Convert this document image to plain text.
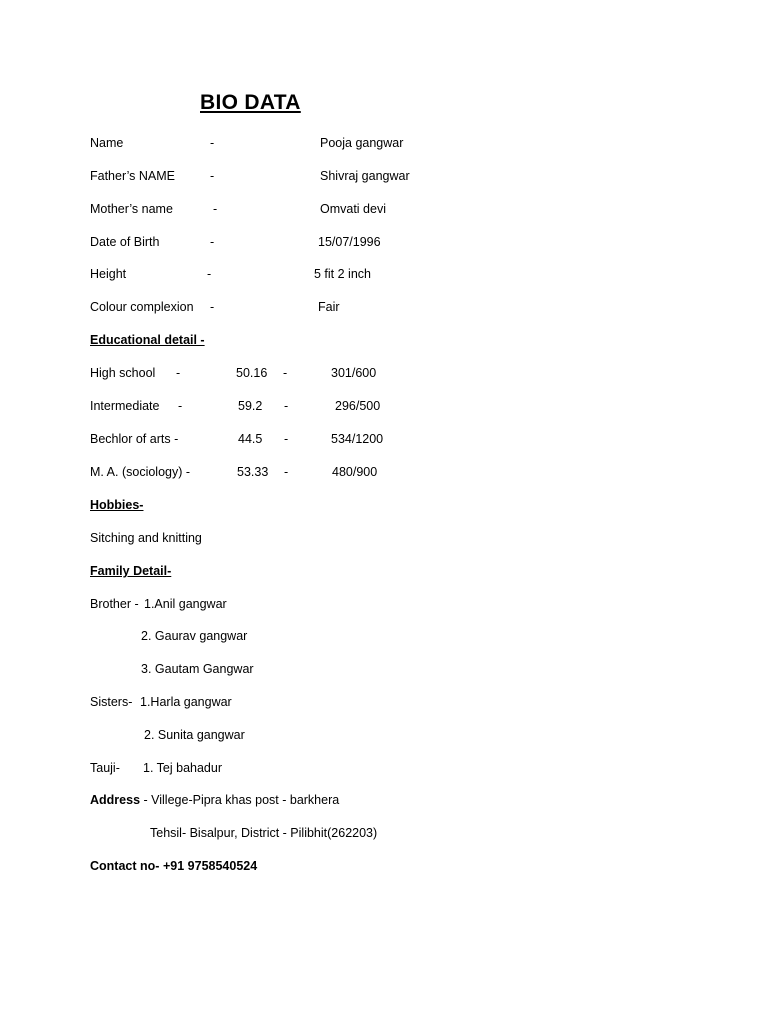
BIO DATA
Name	-	Pooja gangwar
Father’s NAME	-	Shivraj gangwar
Mother’s name	-	Omvati devi
Date of Birth	-	15/07/1996
Height	-	5 fit 2 inch
Colour complexion -	Fair
Educational detail -
High school -	50.16 -	301/600
Intermediate -	59.2 -	296/500
Bechlor of arts -	44.5 -	534/1200
M. A. (sociology) -	53.33 -	480/900
Hobbies-
Sitching and knitting
Family Detail-
Brother - 1.Anil gangwar
2. Gaurav gangwar
3. Gautam Gangwar
Sisters- 1.Harla gangwar
2. Sunita gangwar
Tauji- 1. Tej bahadur
Address - Villege-Pipra khas post - barkhera
Tehsil- Bisalpur, District - Pilibhit(262203)
Contact no- +91 9758540524
